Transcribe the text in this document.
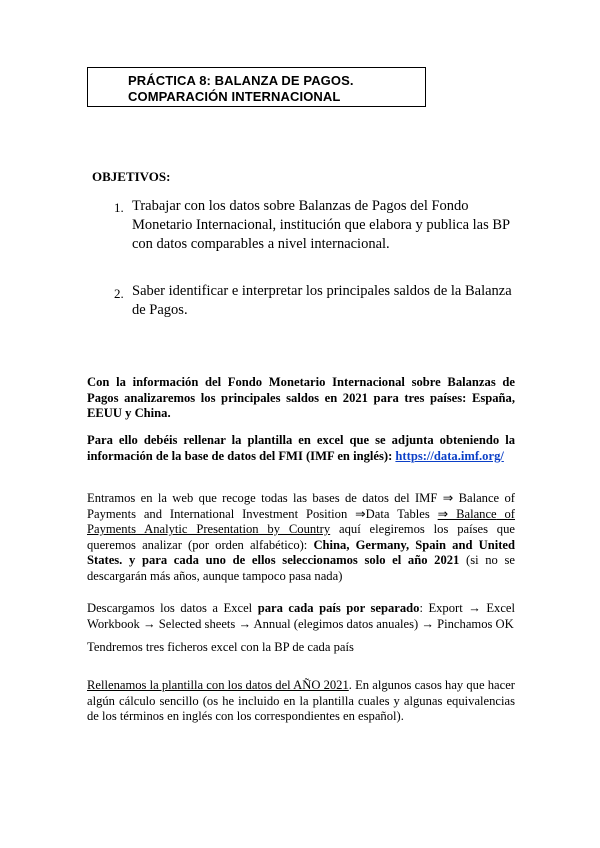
PRÁCTICA 8: BALANZA DE PAGOS.
COMPARACIÓN INTERNACIONAL
OBJETIVOS:
1. Trabajar con los datos sobre Balanzas de Pagos del Fondo
Monetario Internacional, institución que elabora y publica las BP
con datos comparables a nivel internacional.
2. Saber identificar e interpretar los principales saldos de la Balanza
de Pagos.
Con la información del Fondo Monetario Internacional sobre Balanzas de Pagos analizaremos los principales saldos en 2021 para tres países: España, EEUU y China.
Para ello debéis rellenar la plantilla en excel que se adjunta obteniendo la información de la base de datos del FMI (IMF en inglés): https://data.imf.org/
Entramos en la web que recoge todas las bases de datos del IMF ⇒ Balance of Payments and International Investment Position ⇒Data Tables ⇒ Balance of Payments Analytic Presentation by Country aquí elegiremos los países que queremos analizar (por orden alfabético): China, Germany, Spain and United States. y para cada uno de ellos seleccionamos solo el año 2021 (si no se descargarán más años, aunque tampoco pasa nada)
Descargamos los datos a Excel para cada país por separado: Export → Excel Workbook → Selected sheets → Annual (elegimos datos anuales) → Pinchamos OK
Tendremos tres ficheros excel con la BP de cada país
Rellenamos la plantilla con los datos del AÑO 2021. En algunos casos hay que hacer algún cálculo sencillo (os he incluido en la plantilla cuales y algunas equivalencias de los términos en inglés con los correspondientes en español).
